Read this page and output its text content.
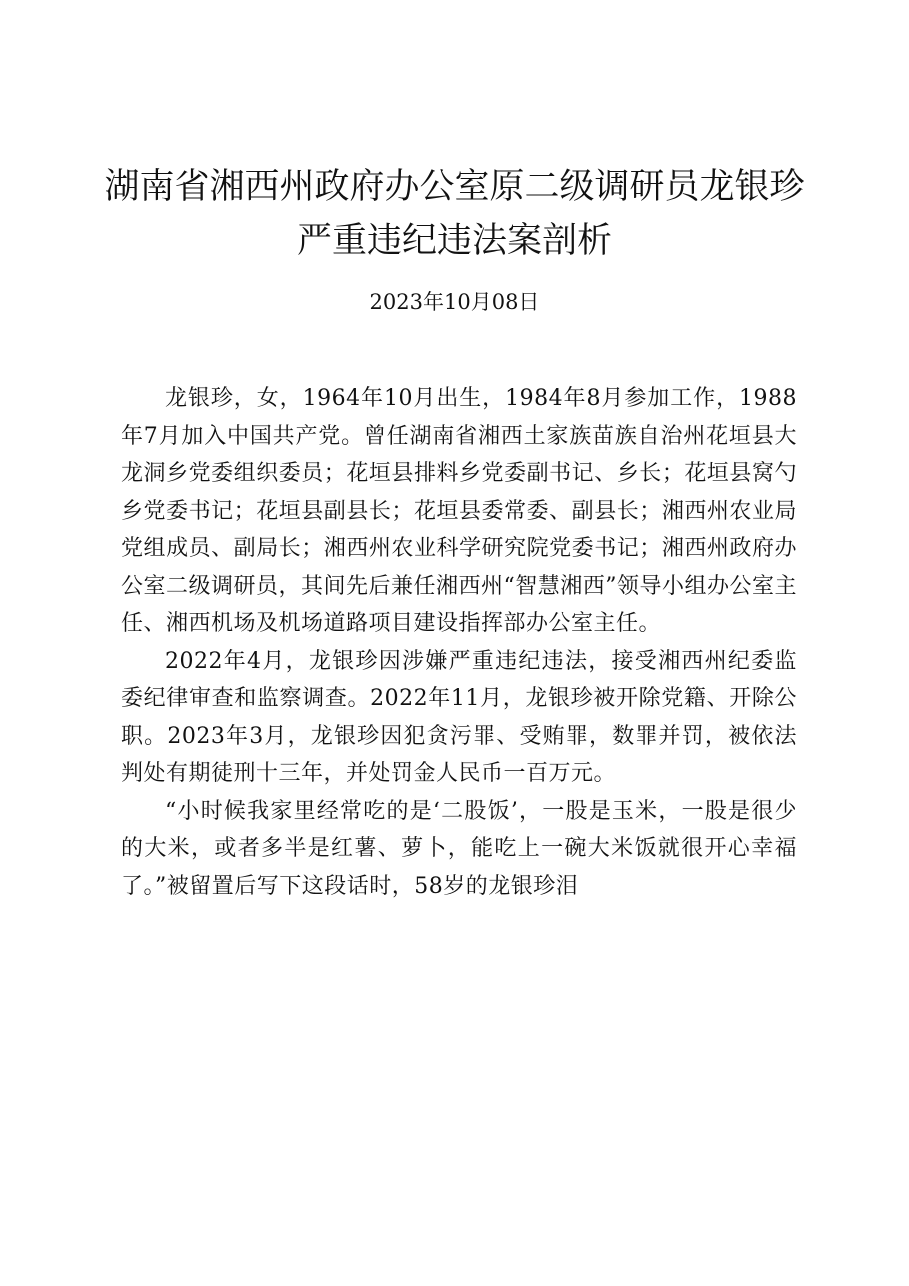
湖南省湘西州政府办公室原二级调研员龙银珍
严重违纪违法案剖析
2023年10月08日

龙银珍，女，1964年10月出生，1984年8月参加工作，1988年7月加入中国共产党。曾任湖南省湘西土家族苗族自治州花垣县大龙洞乡党委组织委员；花垣县排料乡党委副书记、乡长；花垣县窝勺乡党委书记；花垣县副县长；花垣县委常委、副县长；湘西州农业局党组成员、副局长；湘西州农业科学研究院党委书记；湘西州政府办公室二级调研员，其间先后兼任湘西州“智慧湘西”领导小组办公室主任、湘西机场及机场道路项目建设指挥部办公室主任。

2022年4月，龙银珍因涉嫌严重违纪违法，接受湘西州纪委监委纪律审查和监察调查。2022年11月，龙银珍被开除党籍、开除公职。2023年3月，龙银珍因犯贪污罪、受贿罪，数罪并罚，被依法判处有期徒刑十三年，并处罚金人民币一百万元。

“小时候我家里经常吃的是‘二股饭’，一股是玉米，一股是很少的大米，或者多半是红薯、萝卜，能吃上一碗大米饭就很开心幸福了。”被留置后写下这段话时，58岁的龙银珍泪
